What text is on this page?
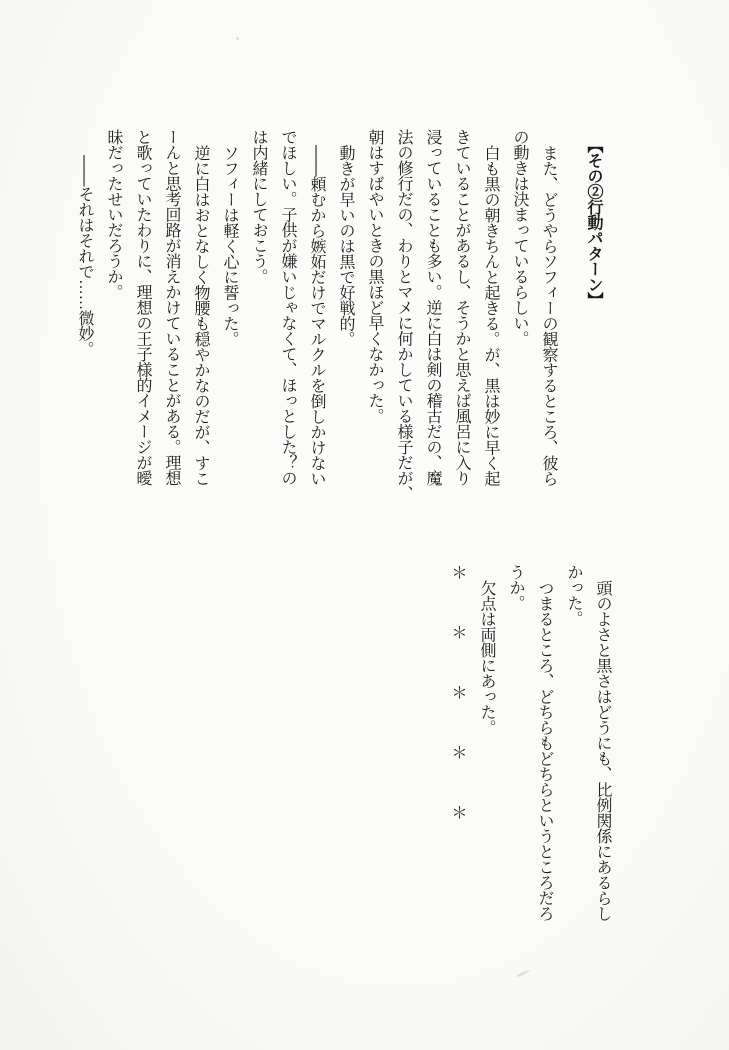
【その②行動パターン】
また、どうやらソフィーの観察するところ、彼ら
の動きは決まっているらしい。
白も黒の朝きちんと起きる。が、黒は妙に早く起
きていることがあるし、そうかと思えば風呂に入り
浸っていることも多い。逆に白は剣の稽古だの、魔
法の修行だの、わりとマメに何かしている様子だが、
朝はすばやいときの黒ほど早くなかった。
動きが早いのは黒で好戦的。
――頼むから嫉妬だけでマルクルを倒しかけない
でほしい。子供が嫌いじゃなくて、ほっとした？の
は内緒にしておこう。
ソフィーは軽く心に誓った。
逆に白はおとなしく物腰も穏やかなのだが、すこ
ーんと思考回路が消えかけていることがある。理想
と歌っていたわりに、理想の王子様的イメージが曖
昧だったせいだろうか。
――それはそれで……微妙。
頭のよさと黒さはどうにも、比例関係にあるらし
かった。
つまるところ、どちらもどちらというところだろ
うか。
欠点は両側にあった。
＊＊＊＊＊
